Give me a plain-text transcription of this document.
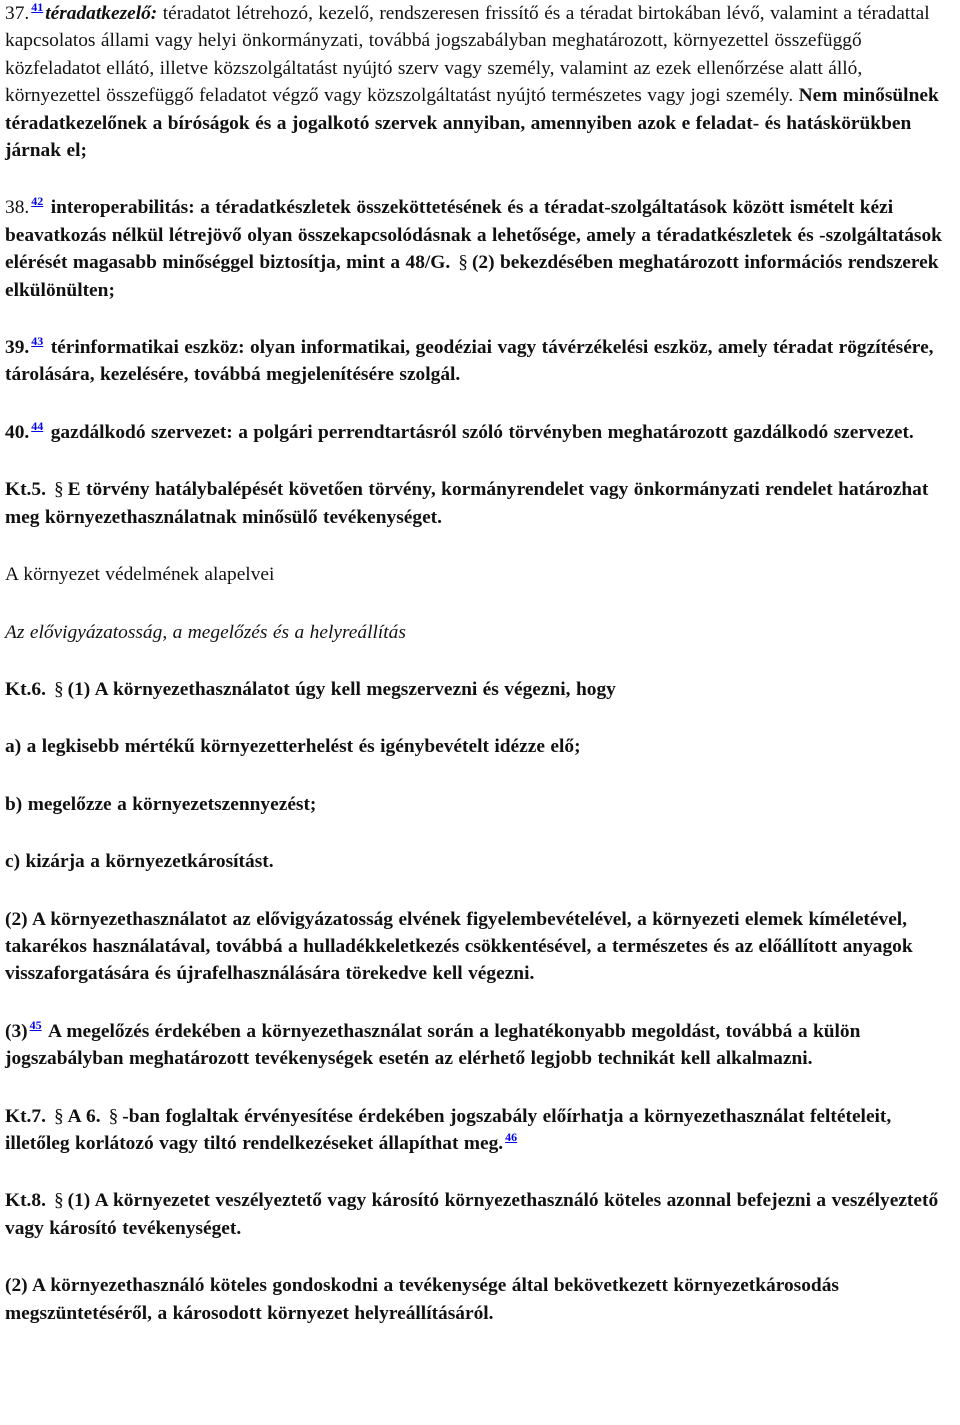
37. $^{41}$ téradatkezelő: téradatot létrehozó, kezelő, rendszeresen frissítő és a téradat birtokában lévő, valamint a téradattal kapcsolatos állami vagy helyi önkormányzati, továbbá jogszabályban meghatározott, környezettel összefüggő közfeladatot ellátó, illetve közszolgáltatást nyújtó szerv vagy személy, valamint az ezek ellenőrzése alatt álló, környezettel összefüggő feladatot végző vagy közszolgáltatást nyújtó természetes vagy jogi személy. Nem minősülnek téradatkezelőnek a bíróságok és a jogalkotó szervek annyiban, amennyiben azok e feladat- és hatáskörükben járnak el;

38. $^{42}$ interoperabilitás: a téradatkészletek összeköttetésének és a téradat-szolgáltatások között ismételt kézi beavatkozás nélkül létrejövő olyan összekapcsolódásnak a lehetősége, amely a téradatkészletek és -szolgáltatások elérését magasabb minőséggel biztosítja, mint a 48/G. § (2) bekezdésében meghatározott információs rendszerek elkülönülten;

39. $^{43}$ térinformatikai eszköz: olyan informatikai, geodéziai vagy távérzékelési eszköz, amely téradat rögzítésére, tárolására, kezelésére, továbbá megjelenítésére szolgál.

40. $^{44}$ gazdálkodó szervezet: a polgári perrendtartásról szóló törvényben meghatározott gazdálkodó szervezet.

Kt.5. § E törvény hatálybalépését követően törvény, kormányrendelet vagy önkormányzati rendelet határozhat meg környezethasználatnak minősülő tevékenységet.

A környezet védelmének alapelvei

Az elővigyázatosság, a megelőzés és a helyreállítás

Kt.6. § (1) A környezethasználatot úgy kell megszervezni és végezni, hogy

a) a legkisebb mértékű környezetterhelést és igénybevételt idézze elő;

b) megelőzze a környezetszennyezést;

c) kizárja a környezetkárosítást.

(2) A környezethasználatot az elővigyázatosság elvének figyelembevételével, a környezeti elemek kíméletével, takarékos használatával, továbbá a hulladékkeletkezés csökkentésével, a természetes és az előállított anyagok visszaforgatására és újrafelhasználására törekedve kell végezni.

(3) $^{45}$ A megelőzés érdekében a környezethasználat során a leghatékonyabb megoldást, továbbá a külön jogszabályban meghatározott tevékenységek esetén az elérhető legjobb technikát kell alkalmazni.

Kt.7. § A 6. § -ban foglaltak érvényesítése érdekében jogszabály előírhatja a környezethasználat feltételeit, illetőleg korlátozó vagy tiltó rendelkezéseket állapíthat meg. $^{46}$

Kt.8. § (1) A környezetet veszélyeztető vagy károsító környezethasználó köteles azonnal befejezni a veszélyeztető vagy károsító tevékenységet.

(2) A környezethasználó köteles gondoskodni a tevékenysége által bekövetkezett környezetkárosodás megszüntetéséről, a károsodott környezet helyreállításáról.
